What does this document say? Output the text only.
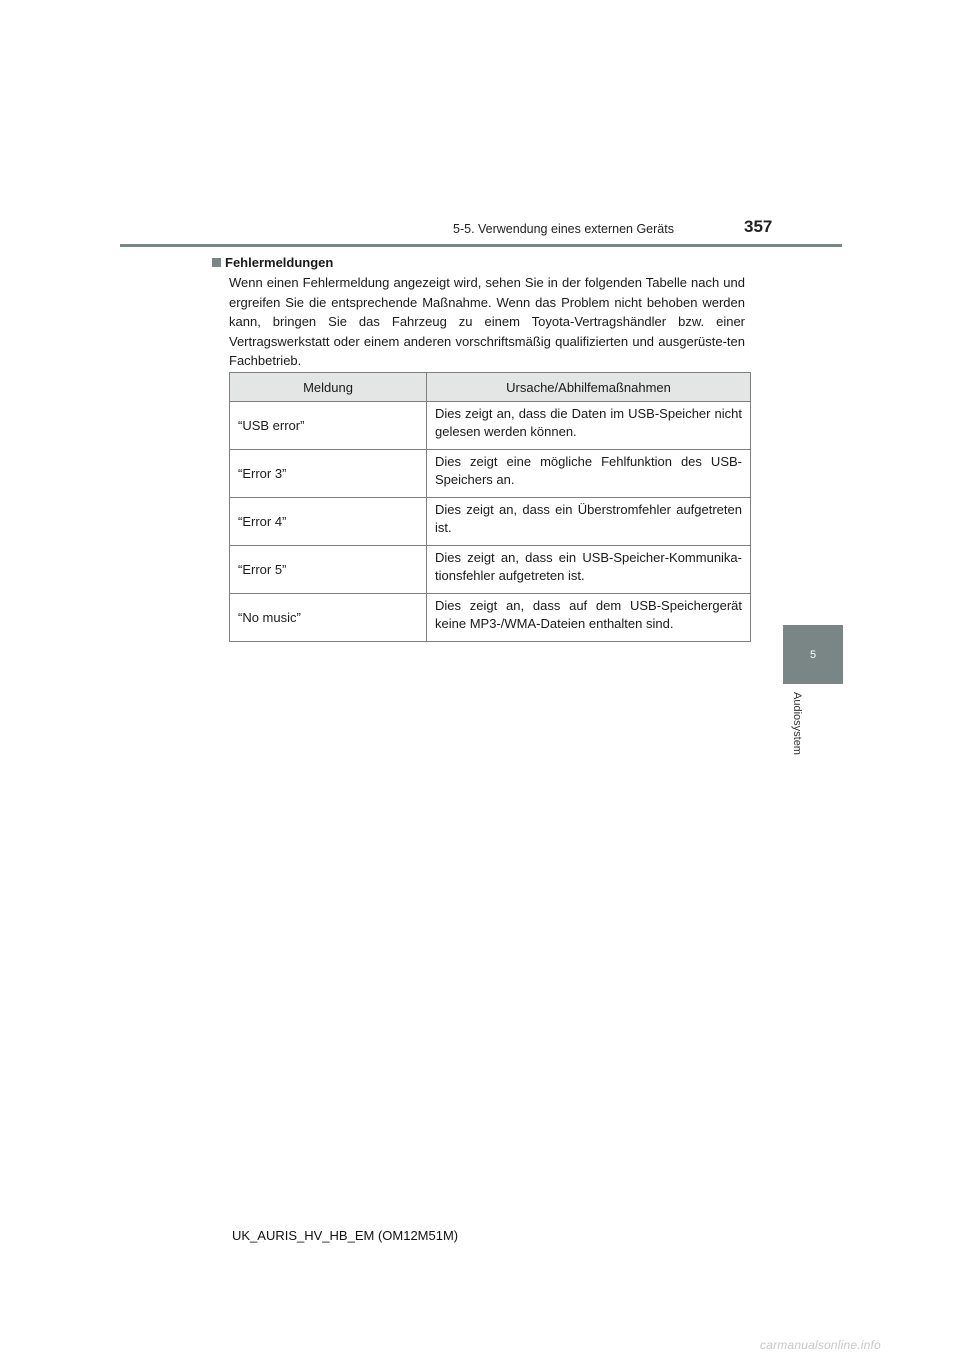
5-5. Verwendung eines externen Geräts	357
Fehlermeldungen

Wenn einen Fehlermeldung angezeigt wird, sehen Sie in der folgenden Tabelle nach und ergreifen Sie die entsprechende Maßnahme. Wenn das Problem nicht behoben werden kann, bringen Sie das Fahrzeug zu einem Toyota-Vertragshändler bzw. einer Vertragswerkstatt oder einem anderen vorschriftsmäßig qualifizierten und ausgerüste-ten Fachbetrieb.

Meldung	Ursache/Abhilfemaßnahmen
“USB error”	Dies zeigt an, dass die Daten im USB-Speicher nicht gelesen werden können.
“Error 3”	Dies zeigt eine mögliche Fehlfunktion des USB-Speichers an.
“Error 4”	Dies zeigt an, dass ein Überstromfehler aufgetreten ist.
“Error 5”	Dies zeigt an, dass ein USB-Speicher-Kommunika-tionsfehler aufgetreten ist.
“No music”	Dies zeigt an, dass auf dem USB-Speichergerät keine MP3-/WMA-Dateien enthalten sind.
5
Audiosystem
UK_AURIS_HV_HB_EM (OM12M51M)
carmanualsonline.info
